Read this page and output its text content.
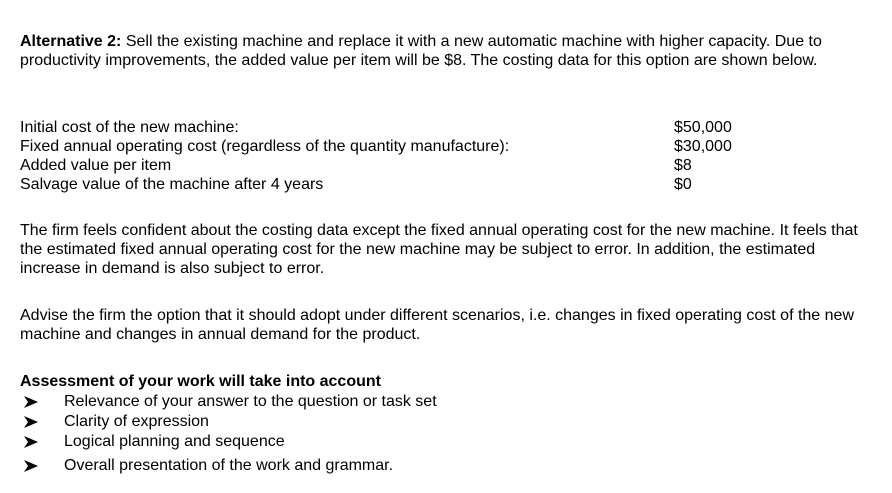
Alternative 2: Sell the existing machine and replace it with a new automatic machine with higher capacity. Due to productivity improvements, the added value per item will be $8. The costing data for this option are shown below.

Initial cost of the new machine:	$50,000
Fixed annual operating cost (regardless of the quantity manufacture):	$30,000
Added value per item	$8
Salvage value of the machine after 4 years	$0

The firm feels confident about the costing data except the fixed annual operating cost for the new machine. It feels that the estimated fixed annual operating cost for the new machine may be subject to error. In addition, the estimated increase in demand is also subject to error.

Advise the firm the option that it should adopt under different scenarios, i.e. changes in fixed operating cost of the new machine and changes in annual demand for the product.

Assessment of your work will take into account
Relevance of your answer to the question or task set
Clarity of expression
Logical planning and sequence
Overall presentation of the work and grammar.
